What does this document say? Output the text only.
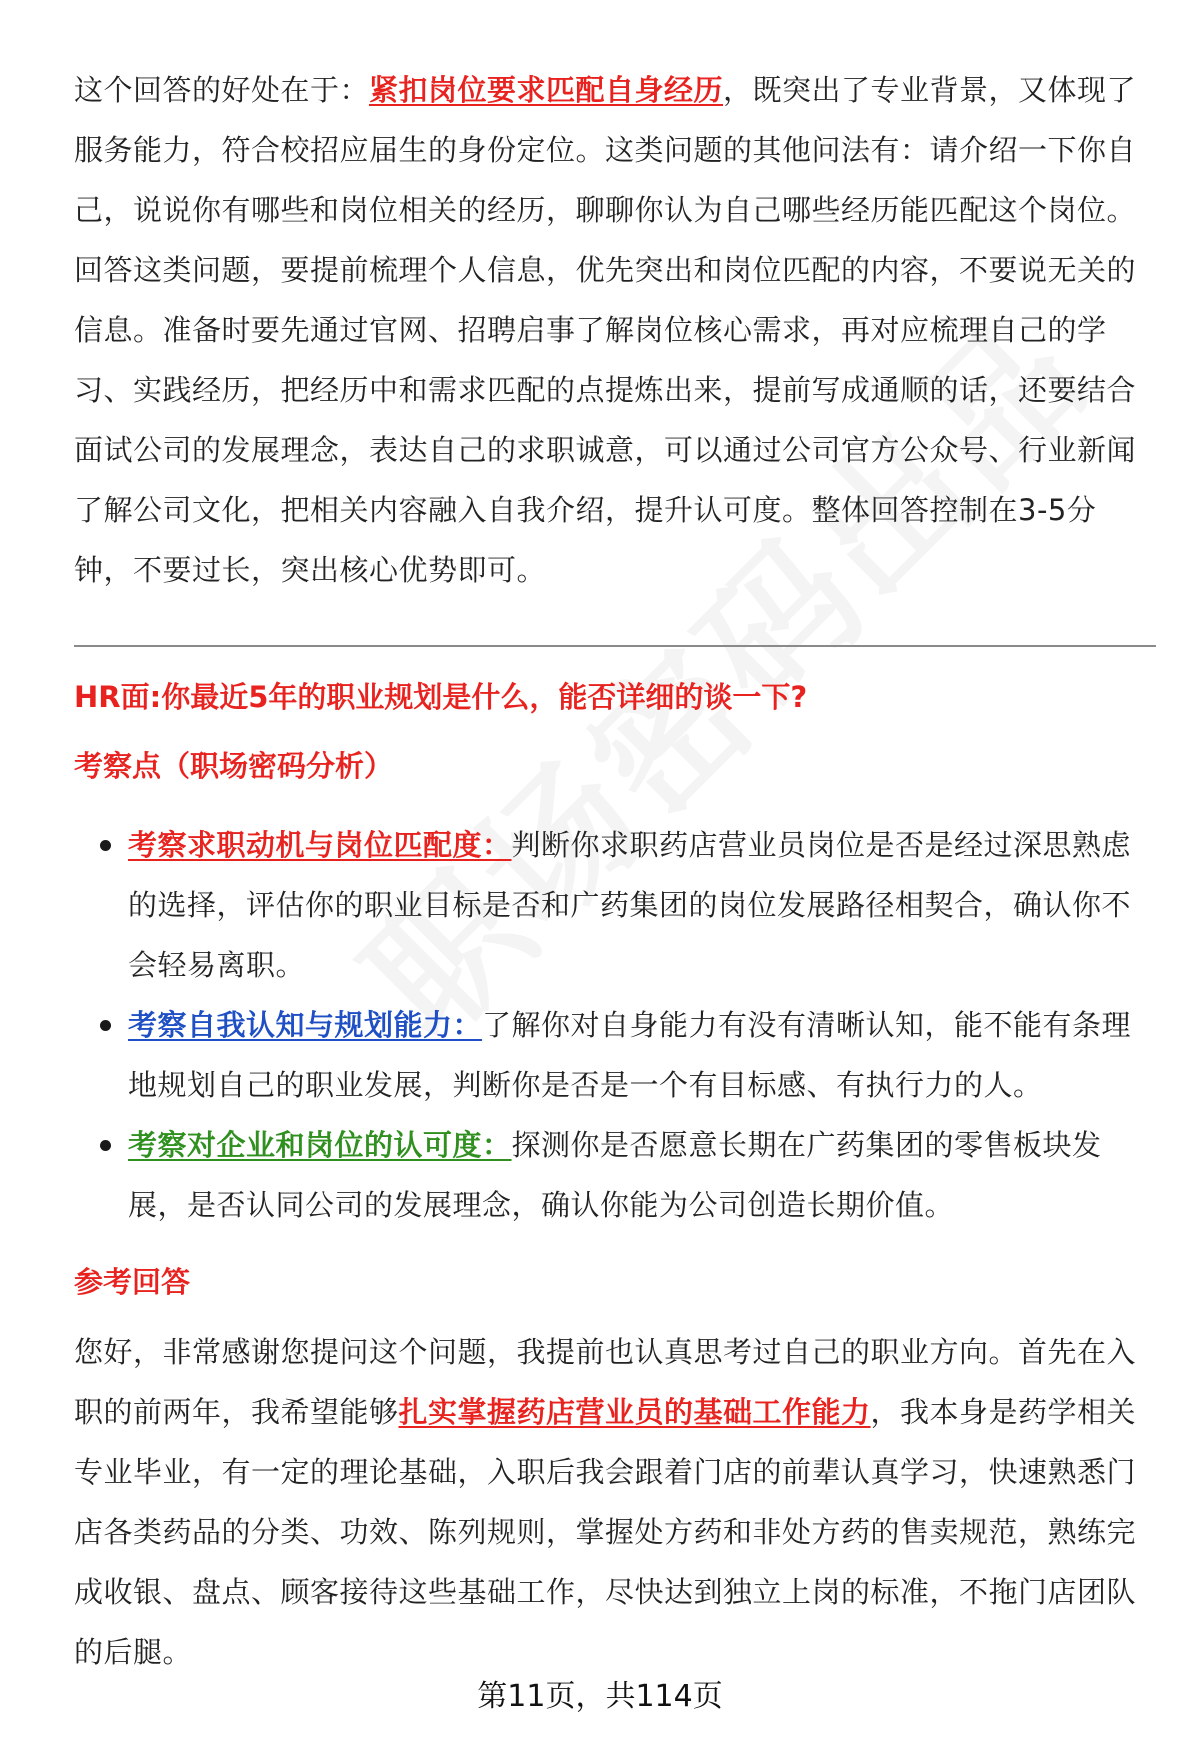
这个回答的好处在于：紧扣岗位要求匹配自身经历，既突出了专业背景，又体现了服务能力，符合校招应届生的身份定位。这类问题的其他问法有：请介绍一下你自己，说说你有哪些和岗位相关的经历，聊聊你认为自己哪些经历能匹配这个岗位。回答这类问题，要提前梳理个人信息，优先突出和岗位匹配的内容，不要说无关的信息。准备时要先通过官网、招聘启事了解岗位核心需求，再对应梳理自己的学习、实践经历，把经历中和需求匹配的点提炼出来，提前写成通顺的话，还要结合面试公司的发展理念，表达自己的求职诚意，可以通过公司官方公众号、行业新闻了解公司文化，把相关内容融入自我介绍，提升认可度。整体回答控制在3-5分钟，不要过长，突出核心优势即可。

HR面:你最近5年的职业规划是什么，能否详细的谈一下?
考察点（职场密码分析）
考察求职动机与岗位匹配度：判断你求职药店营业员岗位是否是经过深思熟虑的选择，评估你的职业目标是否和广药集团的岗位发展路径相契合，确认你不会轻易离职。
考察自我认知与规划能力：了解你对自身能力有没有清晰认知，能不能有条理地规划自己的职业发展，判断你是否是一个有目标感、有执行力的人。
考察对企业和岗位的认可度：探测你是否愿意长期在广药集团的零售板块发展，是否认同公司的发展理念，确认你能为公司创造长期价值。
参考回答

您好，非常感谢您提问这个问题，我提前也认真思考过自己的职业方向。首先在入职的前两年，我希望能够扎实掌握药店营业员的基础工作能力，我本身是药学相关专业毕业，有一定的理论基础，入职后我会跟着门店的前辈认真学习，快速熟悉门店各类药品的分类、功效、陈列规则，掌握处方药和非处方药的售卖规范，熟练完成收银、盘点、顾客接待这些基础工作，尽快达到独立上岗的标准，不拖门店团队的后腿。

第11页，共114页
